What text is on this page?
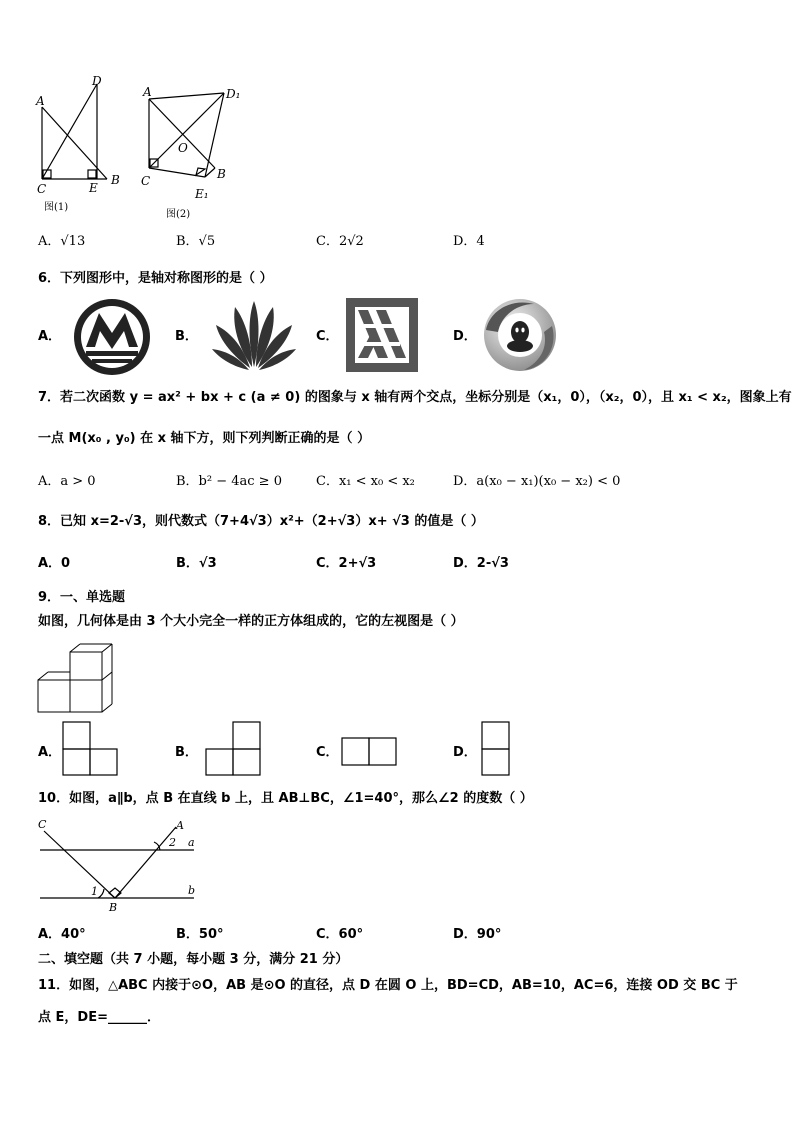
A
D
C	E
B
图(1)
A	D₁
O
C
E₁
B
图(2)
A．√13	B．√5	C．2√2	D．4
6．下列图形中，是轴对称图形的是（ ）
A．	B．	C．	D．
7．若二次函数 y = ax² + bx + c (a ≠ 0) 的图象与 x 轴有两个交点，坐标分别是（x₁，0），（x₂，0），且 x₁ < x₂，图象上有
一点 M(x₀ , y₀) 在 x 轴下方，则下列判断正确的是（ ）
A．a > 0	B．b² − 4ac ≥ 0	C．x₁ < x₀ < x₂	D．a(x₀ − x₁)(x₀ − x₂) < 0
8．已知 x=2-√3，则代数式（7+4√3）x²+（2+√3）x+ √3 的值是（ ）
A．0	B．√3	C．2+√3	D．2-√3
9．一、单选题
如图，几何体是由 3 个大小完全一样的正方体组成的，它的左视图是（ ）
A．	B．	C．	D．
10．如图，a∥b，点 B 在直线 b 上，且 AB⊥BC，∠1=40°，那么∠2 的度数（ ）
C	A
a
b
2
1
B
A．40°	B．50°	C．60°	D．90°
二、填空题（共 7 小题，每小题 3 分，满分 21 分）
11．如图，△ABC 内接于⊙O，AB 是⊙O 的直径，点 D 在圆 O 上，BD=CD，AB=10，AC=6，连接 OD 交 BC 于
点 E，DE=______．
